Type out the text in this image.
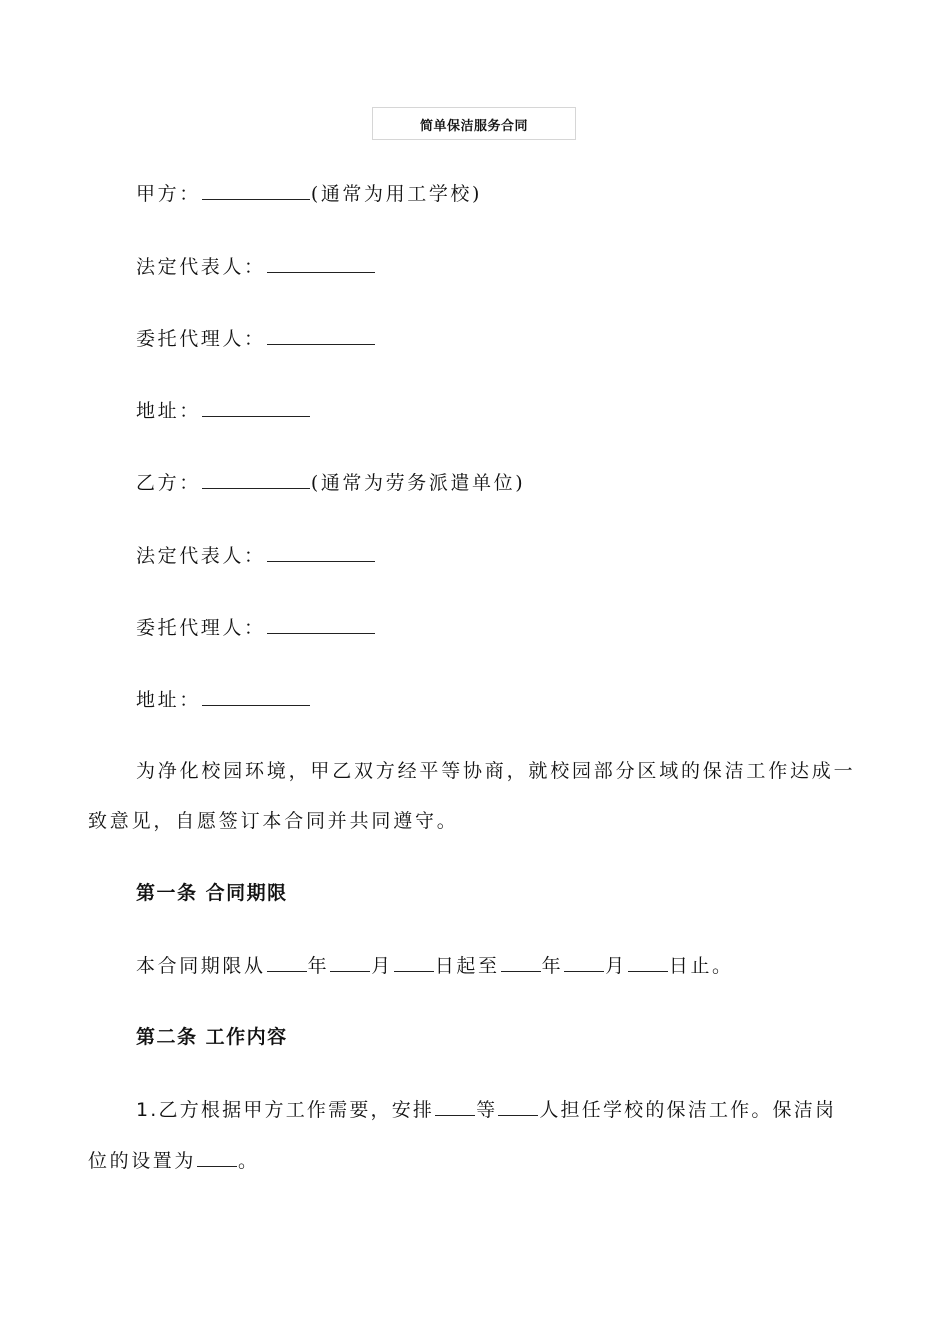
简单保洁服务合同
甲方：	(通常为用工学校)
法定代表人：
委托代理人：
地址：
乙方：	(通常为劳务派遣单位)
法定代表人：
委托代理人：
地址：
为净化校园环境，甲乙双方经平等协商，就校园部分区域的保洁工作达成一
致意见，自愿签订本合同并共同遵守。
第一条 合同期限
本合同期限从 年 月 日起至 年 月 日止。
第二条 工作内容
1.乙方根据甲方工作需要，安排 等 人担任学校的保洁工作。保洁岗
位的设置为 。
